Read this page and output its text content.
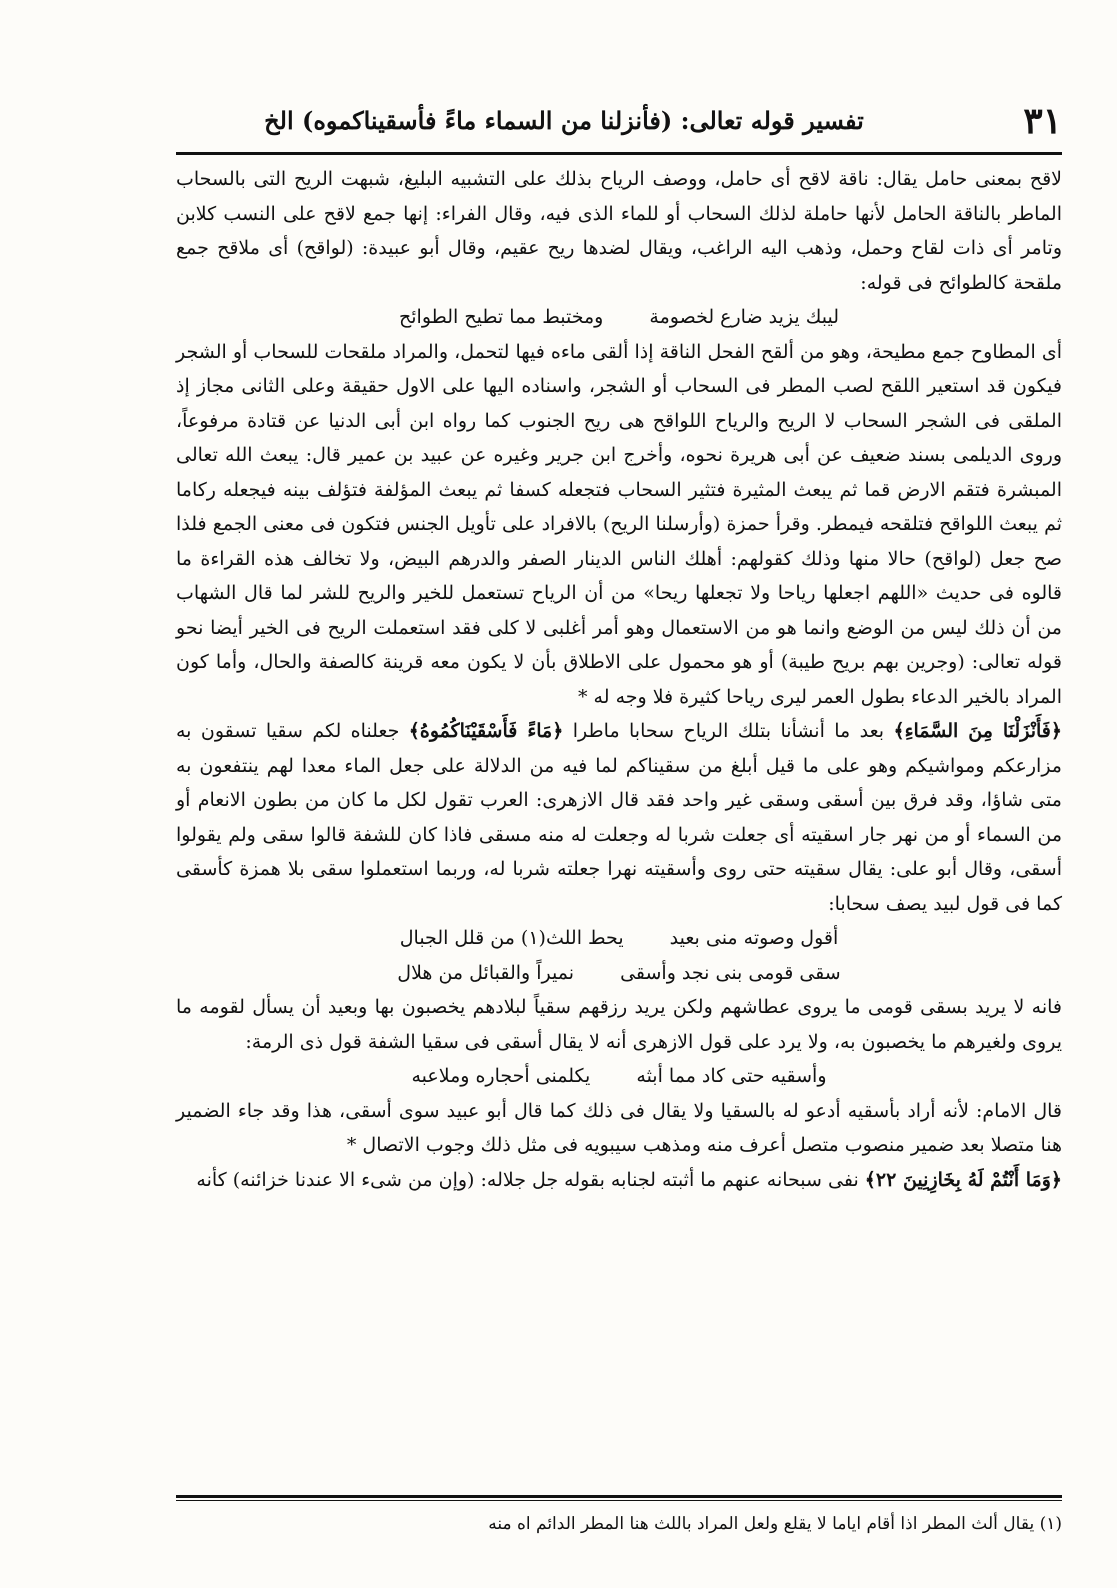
٣١
تفسير قوله تعالى: (فأنزلنا من السماء ماءً فأسقيناكموه) الخ

لاقح بمعنى حامل يقال: ناقة لاقح أى حامل، ووصف الرياح بذلك على التشبيه البليغ، شبهت الريح التى بالسحاب الماطر بالناقة الحامل لأنها حاملة لذلك السحاب أو للماء الذى فيه، وقال الفراء: إنها جمع لاقح على النسب كلابن وتامر أى ذات لقاح وحمل، وذهب اليه الراغب، ويقال لضدها ريح عقيم، وقال أبو عبيدة: (لواقح) أى ملاقح جمع ملقحة كالطوائح فى قوله:

ليبك يزيد ضارع لخصومة ومختبط مما تطيح الطوائح

أى المطاوح جمع مطيحة، وهو من ألقح الفحل الناقة إذا ألقى ماءه فيها لتحمل، والمراد ملقحات للسحاب أو الشجر فيكون قد استعير اللقح لصب المطر فى السحاب أو الشجر، واسناده اليها على الاول حقيقة وعلى الثانى مجاز إذ الملقى فى الشجر السحاب لا الريح والرياح اللواقح هى ريح الجنوب كما رواه ابن أبى الدنيا عن قتادة مرفوعاً، وروى الديلمى بسند ضعيف عن أبى هريرة نحوه، وأخرج ابن جرير وغيره عن عبيد بن عمير قال: يبعث الله تعالى المبشرة فتقم الارض قما ثم يبعث المثيرة فتثير السحاب فتجعله كسفا ثم يبعث المؤلفة فتؤلف بينه فيجعله ركاما ثم يبعث اللواقح فتلقحه فيمطر. وقرأ حمزة (وأرسلنا الريح) بالافراد على تأويل الجنس فتكون فى معنى الجمع فلذا صح جعل (لواقح) حالا منها وذلك كقولهم: أهلك الناس الدينار الصفر والدرهم البيض، ولا تخالف هذه القراءة ما قالوه فى حديث «اللهم اجعلها رياحا ولا تجعلها ريحا» من أن الرياح تستعمل للخير والريح للشر لما قال الشهاب من أن ذلك ليس من الوضع وانما هو من الاستعمال وهو أمر أغلبى لا كلى فقد استعملت الريح فى الخير أيضا نحو قوله تعالى: (وجرين بهم بريح طيبة) أو هو محمول على الاطلاق بأن لا يكون معه قرينة كالصفة والحال، وأما كون المراد بالخير الدعاء بطول العمر ليرى رياحا كثيرة فلا وجه له *

﴿فَأَنْزَلْنَا مِنَ السَّمَاءِ﴾ بعد ما أنشأنا بتلك الرياح سحابا ماطرا ﴿مَاءً فَأَسْقَيْنَاكُمُوهُ﴾ جعلناه لكم سقيا تسقون به مزارعكم ومواشيكم وهو على ما قيل أبلغ من سقيناكم لما فيه من الدلالة على جعل الماء معدا لهم ينتفعون به متى شاؤا، وقد فرق بين أسقى وسقى غير واحد فقد قال الازهرى: العرب تقول لكل ما كان من بطون الانعام أو من السماء أو من نهر جار اسقيته أى جعلت شربا له وجعلت له منه مسقى فاذا كان للشفة قالوا سقى ولم يقولوا أسقى، وقال أبو على: يقال سقيته حتى روى وأسقيته نهرا جعلته شربا له، وربما استعملوا سقى بلا همزة كأسقى كما فى قول لبيد يصف سحابا:

أقول وصوته منى بعيد يحط اللث(١) من قلل الجبال

سقى قومى بنى نجد وأسقى نميراً والقبائل من هلال

فانه لا يريد بسقى قومى ما يروى عطاشهم ولكن يريد رزقهم سقياً لبلادهم يخصبون بها وبعيد أن يسأل لقومه ما يروى ولغيرهم ما يخصبون به، ولا يرد على قول الازهرى أنه لا يقال أسقى فى سقيا الشفة قول ذى الرمة:

وأسقيه حتى كاد مما أبثه يكلمنى أحجاره وملاعبه

قال الامام: لأنه أراد بأسقيه أدعو له بالسقيا ولا يقال فى ذلك كما قال أبو عبيد سوى أسقى، هذا وقد جاء الضمير هنا متصلا بعد ضمير منصوب متصل أعرف منه ومذهب سيبويه فى مثل ذلك وجوب الاتصال *

﴿وَمَا أَنْتُمْ لَهُ بِخَازِنِينَ ٢٢﴾ نفى سبحانه عنهم ما أثبته لجنابه بقوله جل جلاله: (وإن من شىء الا عندنا خزائنه) كأنه

(١) يقال ألث المطر اذا أقام اياما لا يقلع ولعل المراد باللث هنا المطر الدائم اه منه
